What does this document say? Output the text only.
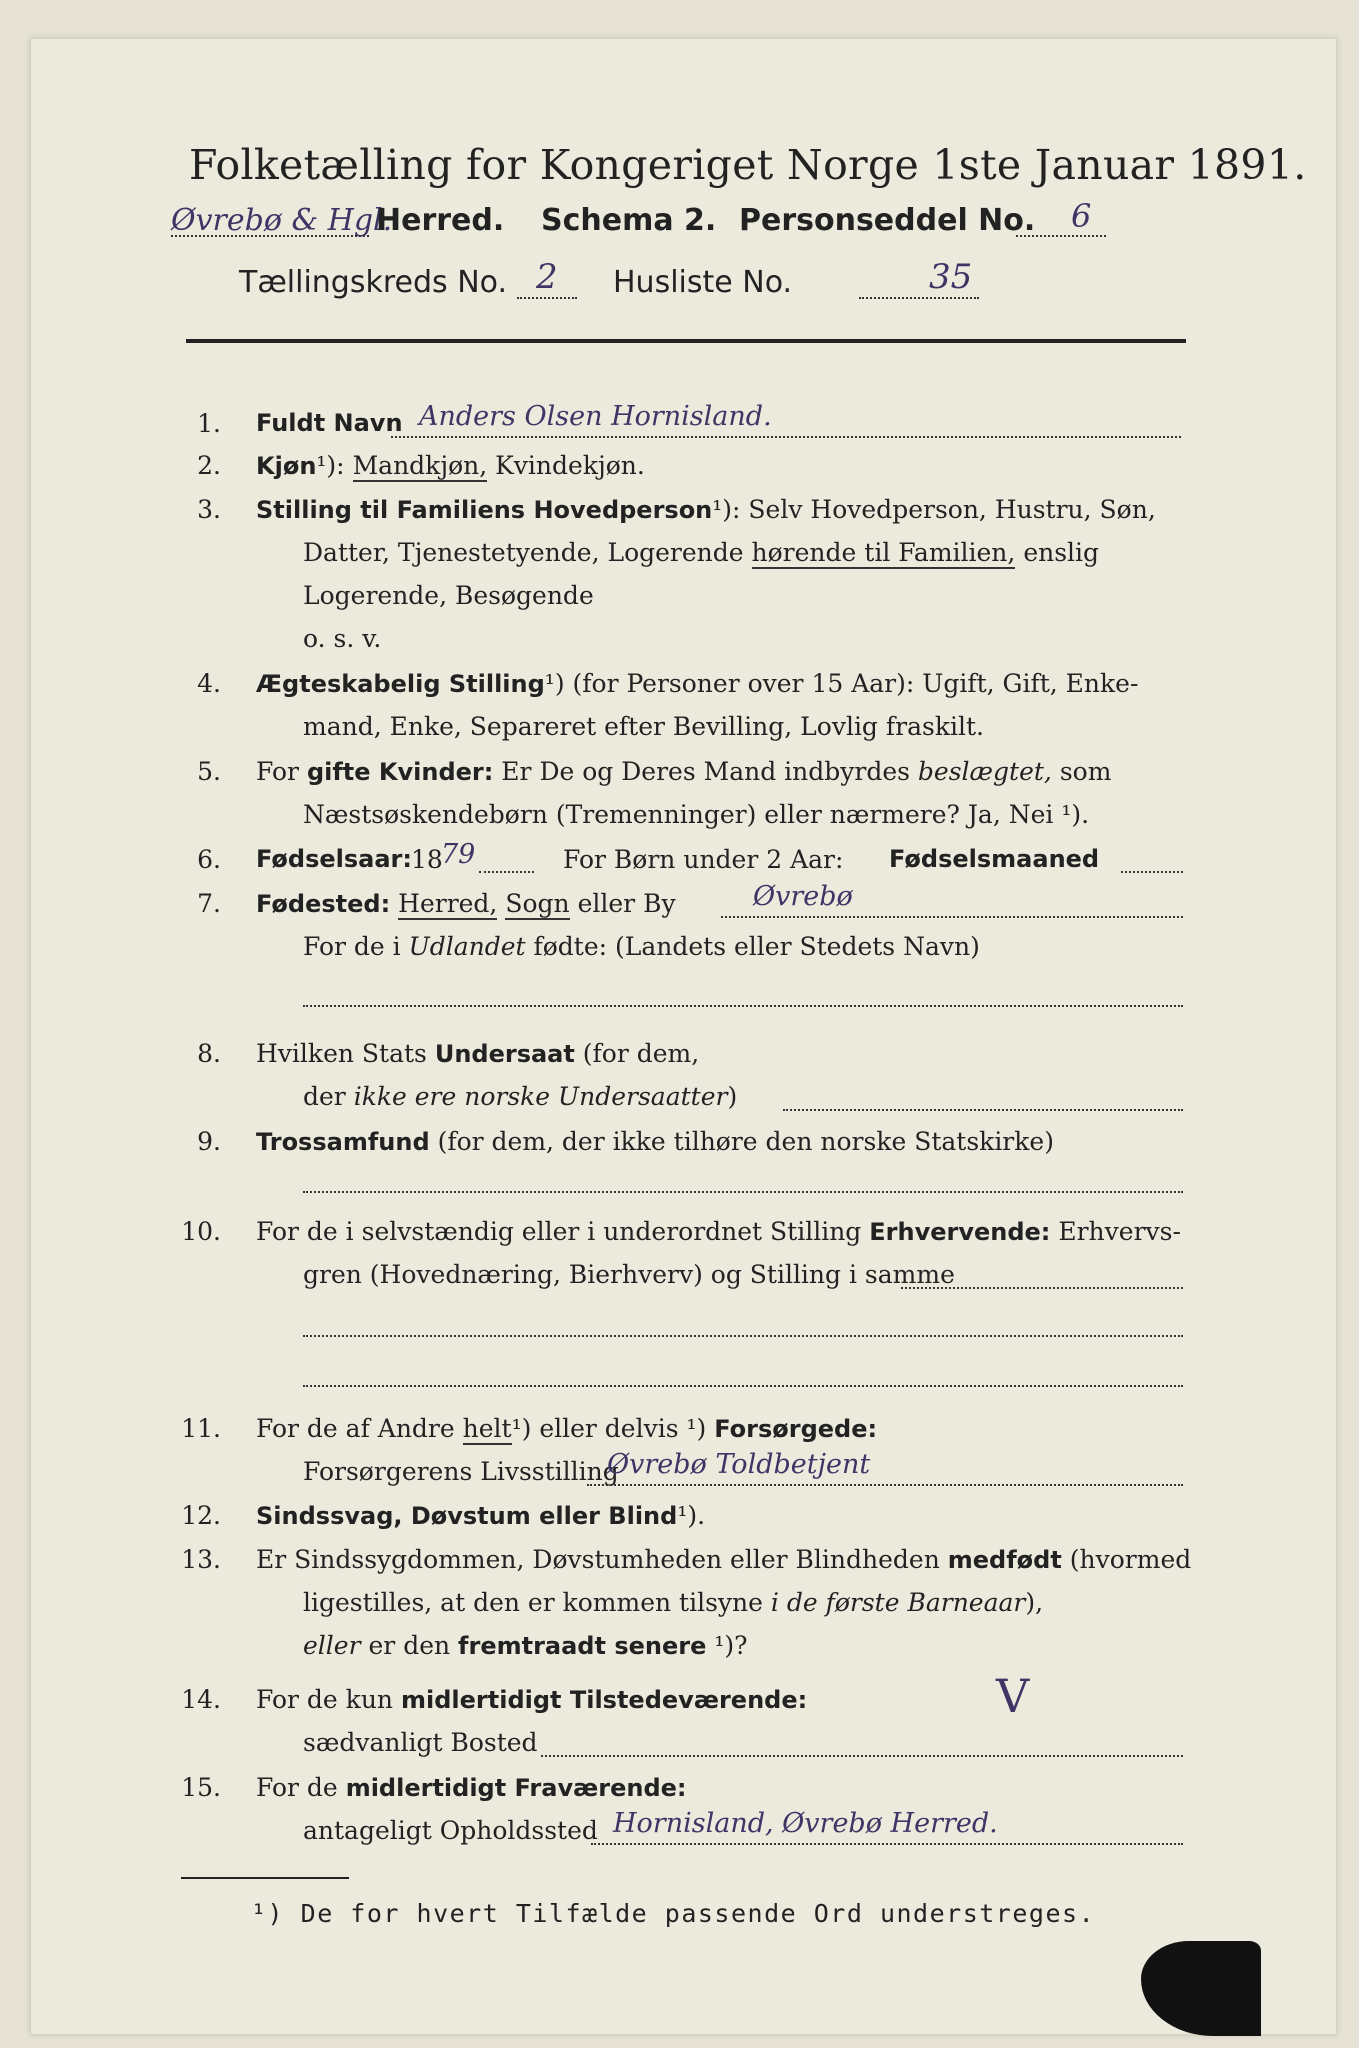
Folketælling for Kongeriget Norge 1ste Januar 1891.
Øvrebø & Hgl.
Herred. Schema 2. Personseddel No. 6
Tællingskreds No. 2 Husliste No.	35
1. Fuldt Navn Anders Olsen Hornisland.
2. Kjøn¹): Mandkjøn, Kvindekjøn.
3. Stilling til Familiens Hovedperson¹): Selv Hovedperson, Hustru, Søn,
Datter, Tjenestetyende, Logerende hørende til Familien, enslig
Logerende, Besøgende
o. s. v.
4. Ægteskabelig Stilling¹) (for Personer over 15 Aar): Ugift, Gift, Enke-
mand, Enke, Separeret efter Bevilling, Lovlig fraskilt.
5. For gifte Kvinder: Er De og Deres Mand indbyrdes beslægtet, som
Næstsøskendebørn (Tremenninger) eller nærmere? Ja, Nei ¹).
6. Fødselsaar: 18
79	For Børn under 2 Aar: Fødselsmaaned
7. Fødested: Herred, Sogn eller By	Øvrebø
For de i Udlandet fødte: (Landets eller Stedets Navn)
8. Hvilken Stats Undersaat (for dem,
der ikke ere norske Undersaatter)
9. Trossamfund (for dem, der ikke tilhøre den norske Statskirke)
10. For de i selvstændig eller i underordnet Stilling Erhvervende: Erhvervs-
gren (Hovednæring, Bierhverv) og Stilling i samme
11. For de af Andre helt¹) eller delvis ¹) Forsørgede:
Forsørgerens Livsstilling
Øvrebø Toldbetjent
12. Sindssvag, Døvstum eller Blind¹).
13. Er Sindssygdommen, Døvstumheden eller Blindheden medfødt (hvormed
ligestilles, at den er kommen tilsyne i de første Barneaar),
eller er den fremtraadt senere ¹)?
14. For de kun midlertidigt Tilstedeværende:	V
sædvanligt Bosted
15. For de midlertidigt Fraværende:
antageligt Opholdssted Hornisland, Øvrebø Herred.
¹) De for hvert Tilfælde passende Ord understreges.
